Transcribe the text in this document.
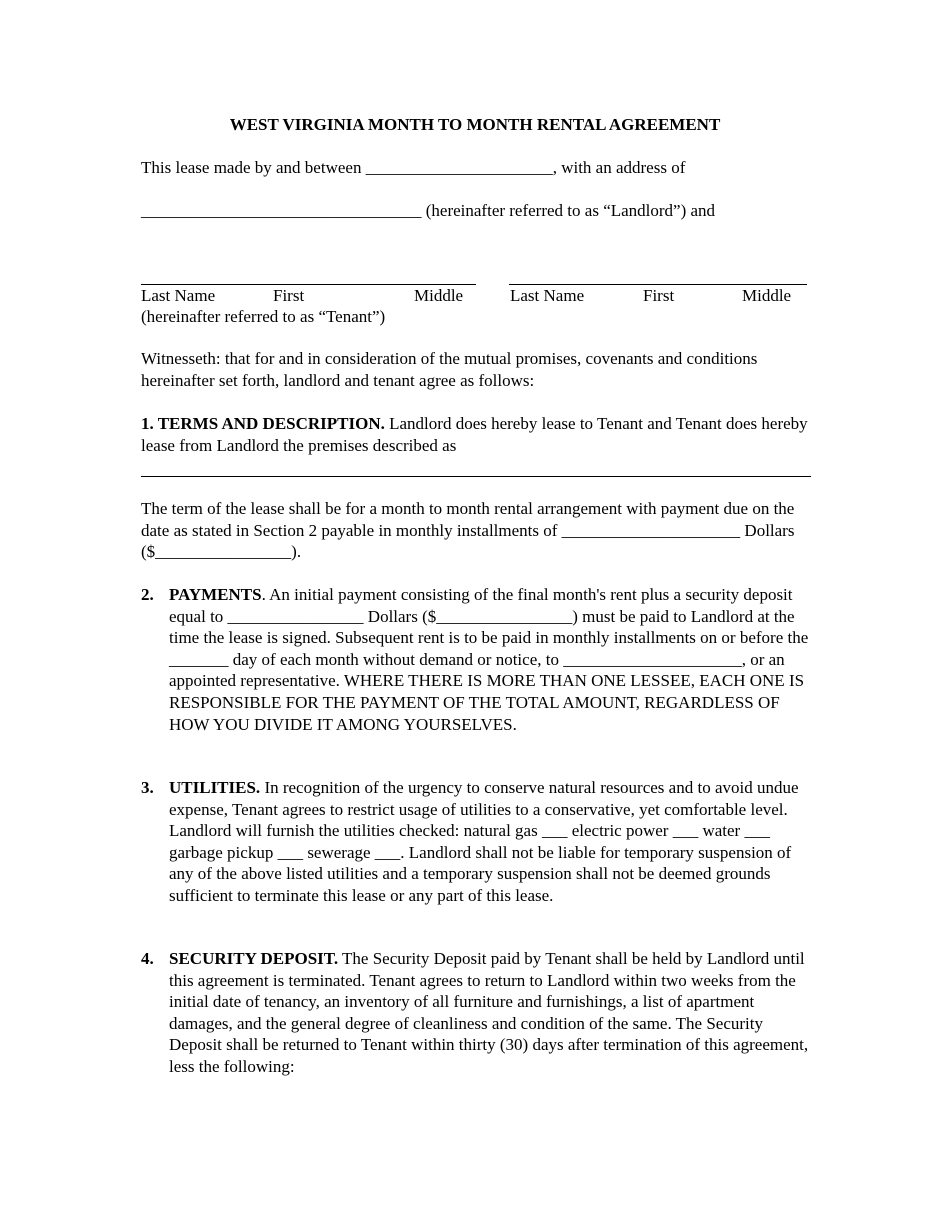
WEST VIRGINIA MONTH TO MONTH RENTAL AGREEMENT
This lease made by and between ______________________, with an address of
_________________________________ (hereinafter referred to as “Landlord”) and
Last Name	First	Middle	Last Name	First	Middle
(hereinafter referred to as “Tenant”)
Witnesseth: that for and in consideration of the mutual promises, covenants and conditions hereinafter set forth, landlord and tenant agree as follows:
1. TERMS AND DESCRIPTION. Landlord does hereby lease to Tenant and Tenant does hereby lease from Landlord the premises described as
The term of the lease shall be for a month to month rental arrangement with payment due on the date as stated in Section 2 payable in monthly installments of _____________________ Dollars ($________________).
2. PAYMENTS. An initial payment consisting of the final month's rent plus a security deposit equal to ________________ Dollars ($________________) must be paid to Landlord at the time the lease is signed. Subsequent rent is to be paid in monthly installments on or before the _______ day of each month without demand or notice, to _____________________, or an appointed representative. WHERE THERE IS MORE THAN ONE LESSEE, EACH ONE IS RESPONSIBLE FOR THE PAYMENT OF THE TOTAL AMOUNT, REGARDLESS OF HOW YOU DIVIDE IT AMONG YOURSELVES.
3. UTILITIES. In recognition of the urgency to conserve natural resources and to avoid undue expense, Tenant agrees to restrict usage of utilities to a conservative, yet comfortable level. Landlord will furnish the utilities checked: natural gas ___ electric power ___ water ___ garbage pickup ___ sewerage ___. Landlord shall not be liable for temporary suspension of any of the above listed utilities and a temporary suspension shall not be deemed grounds sufficient to terminate this lease or any part of this lease.
4. SECURITY DEPOSIT. The Security Deposit paid by Tenant shall be held by Landlord until this agreement is terminated. Tenant agrees to return to Landlord within two weeks from the initial date of tenancy, an inventory of all furniture and furnishings, a list of apartment damages, and the general degree of cleanliness and condition of the same. The Security Deposit shall be returned to Tenant within thirty (30) days after termination of this agreement, less the following:
